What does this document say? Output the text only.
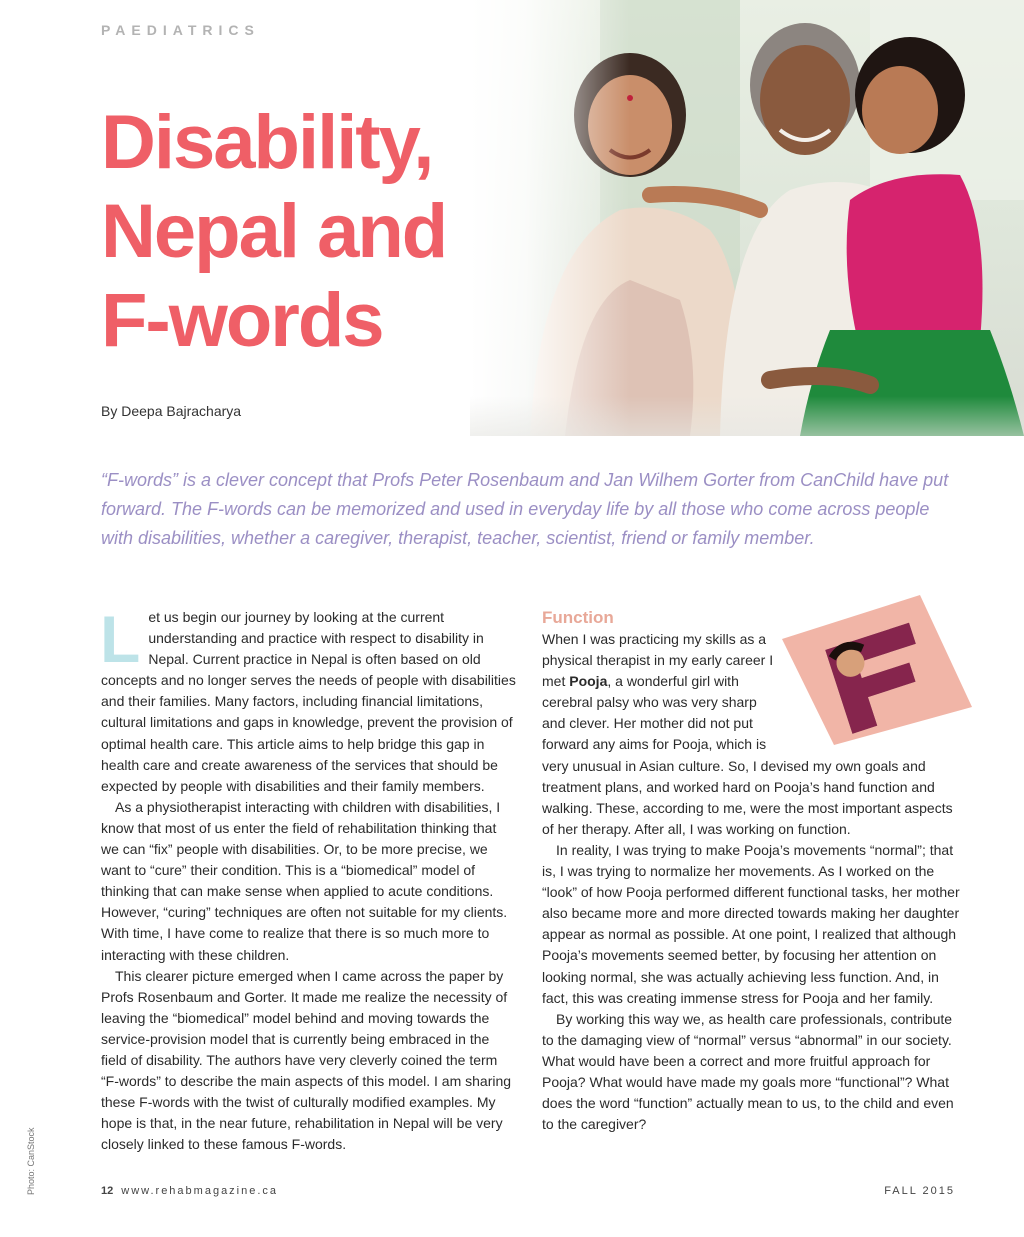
PAEDIATRICS
Disability,
Nepal and
F-words
By Deepa Bajracharya

“F-words” is a clever concept that Profs Peter Rosenbaum and Jan Wilhem Gorter from CanChild have put forward. The F-words can be memorized and used in everyday life by all those who come across people with disabilities, whether a caregiver, therapist, teacher, scientist, friend or family member.

Let us begin our journey by looking at the current understanding and practice with respect to disability in Nepal. Current practice in Nepal is often based on old concepts and no longer serves the needs of people with disabilities and their families. Many factors, including financial limitations, cultural limitations and gaps in knowledge, prevent the provision of optimal health care. This article aims to help bridge this gap in health care and create awareness of the services that should be expected by people with disabilities and their family members.

As a physiotherapist interacting with children with disabilities, I know that most of us enter the field of rehabilitation thinking that we can “fix” people with disabilities. Or, to be more precise, we want to “cure” their condition. This is a “biomedical” model of thinking that can make sense when applied to acute conditions. However, “curing” techniques are often not suitable for my clients. With time, I have come to realize that there is so much more to interacting with these children.

This clearer picture emerged when I came across the paper by Profs Rosenbaum and Gorter. It made me realize the necessity of leaving the “biomedical” model behind and moving towards the service-provision model that is currently being embraced in the field of disability. The authors have very cleverly coined the term “F-words” to describe the main aspects of this model. I am sharing these F-words with the twist of culturally modified examples. My hope is that, in the near future, rehabilitation in Nepal will be very closely linked to these famous F-words.

Function

When I was practicing my skills as a physical therapist in my early career I met Pooja, a wonderful girl with cerebral palsy who was very sharp and clever. Her mother did not put forward any aims for Pooja, which is very unusual in Asian culture. So, I devised my own goals and treatment plans, and worked hard on Pooja’s hand function and walking. These, according to me, were the most important aspects of her therapy. After all, I was working on function.

In reality, I was trying to make Pooja’s movements “normal”; that is, I was trying to normalize her movements. As I worked on the “look” of how Pooja performed different functional tasks, her mother also became more and more directed towards making her daughter appear as normal as possible. At one point, I realized that although Pooja’s movements seemed better, by focusing her attention on looking normal, she was actually achieving less function. And, in fact, this was creating immense stress for Pooja and her family.

By working this way we, as health care professionals, contribute to the damaging view of “normal” versus “abnormal” in our society. What would have been a correct and more fruitful approach for Pooja? What would have made my goals more “functional”? What does the word “function” actually mean to us, to the child and even to the caregiver?

Photo: CanStock	12 www.rehabmagazine.ca	FALL 2015
